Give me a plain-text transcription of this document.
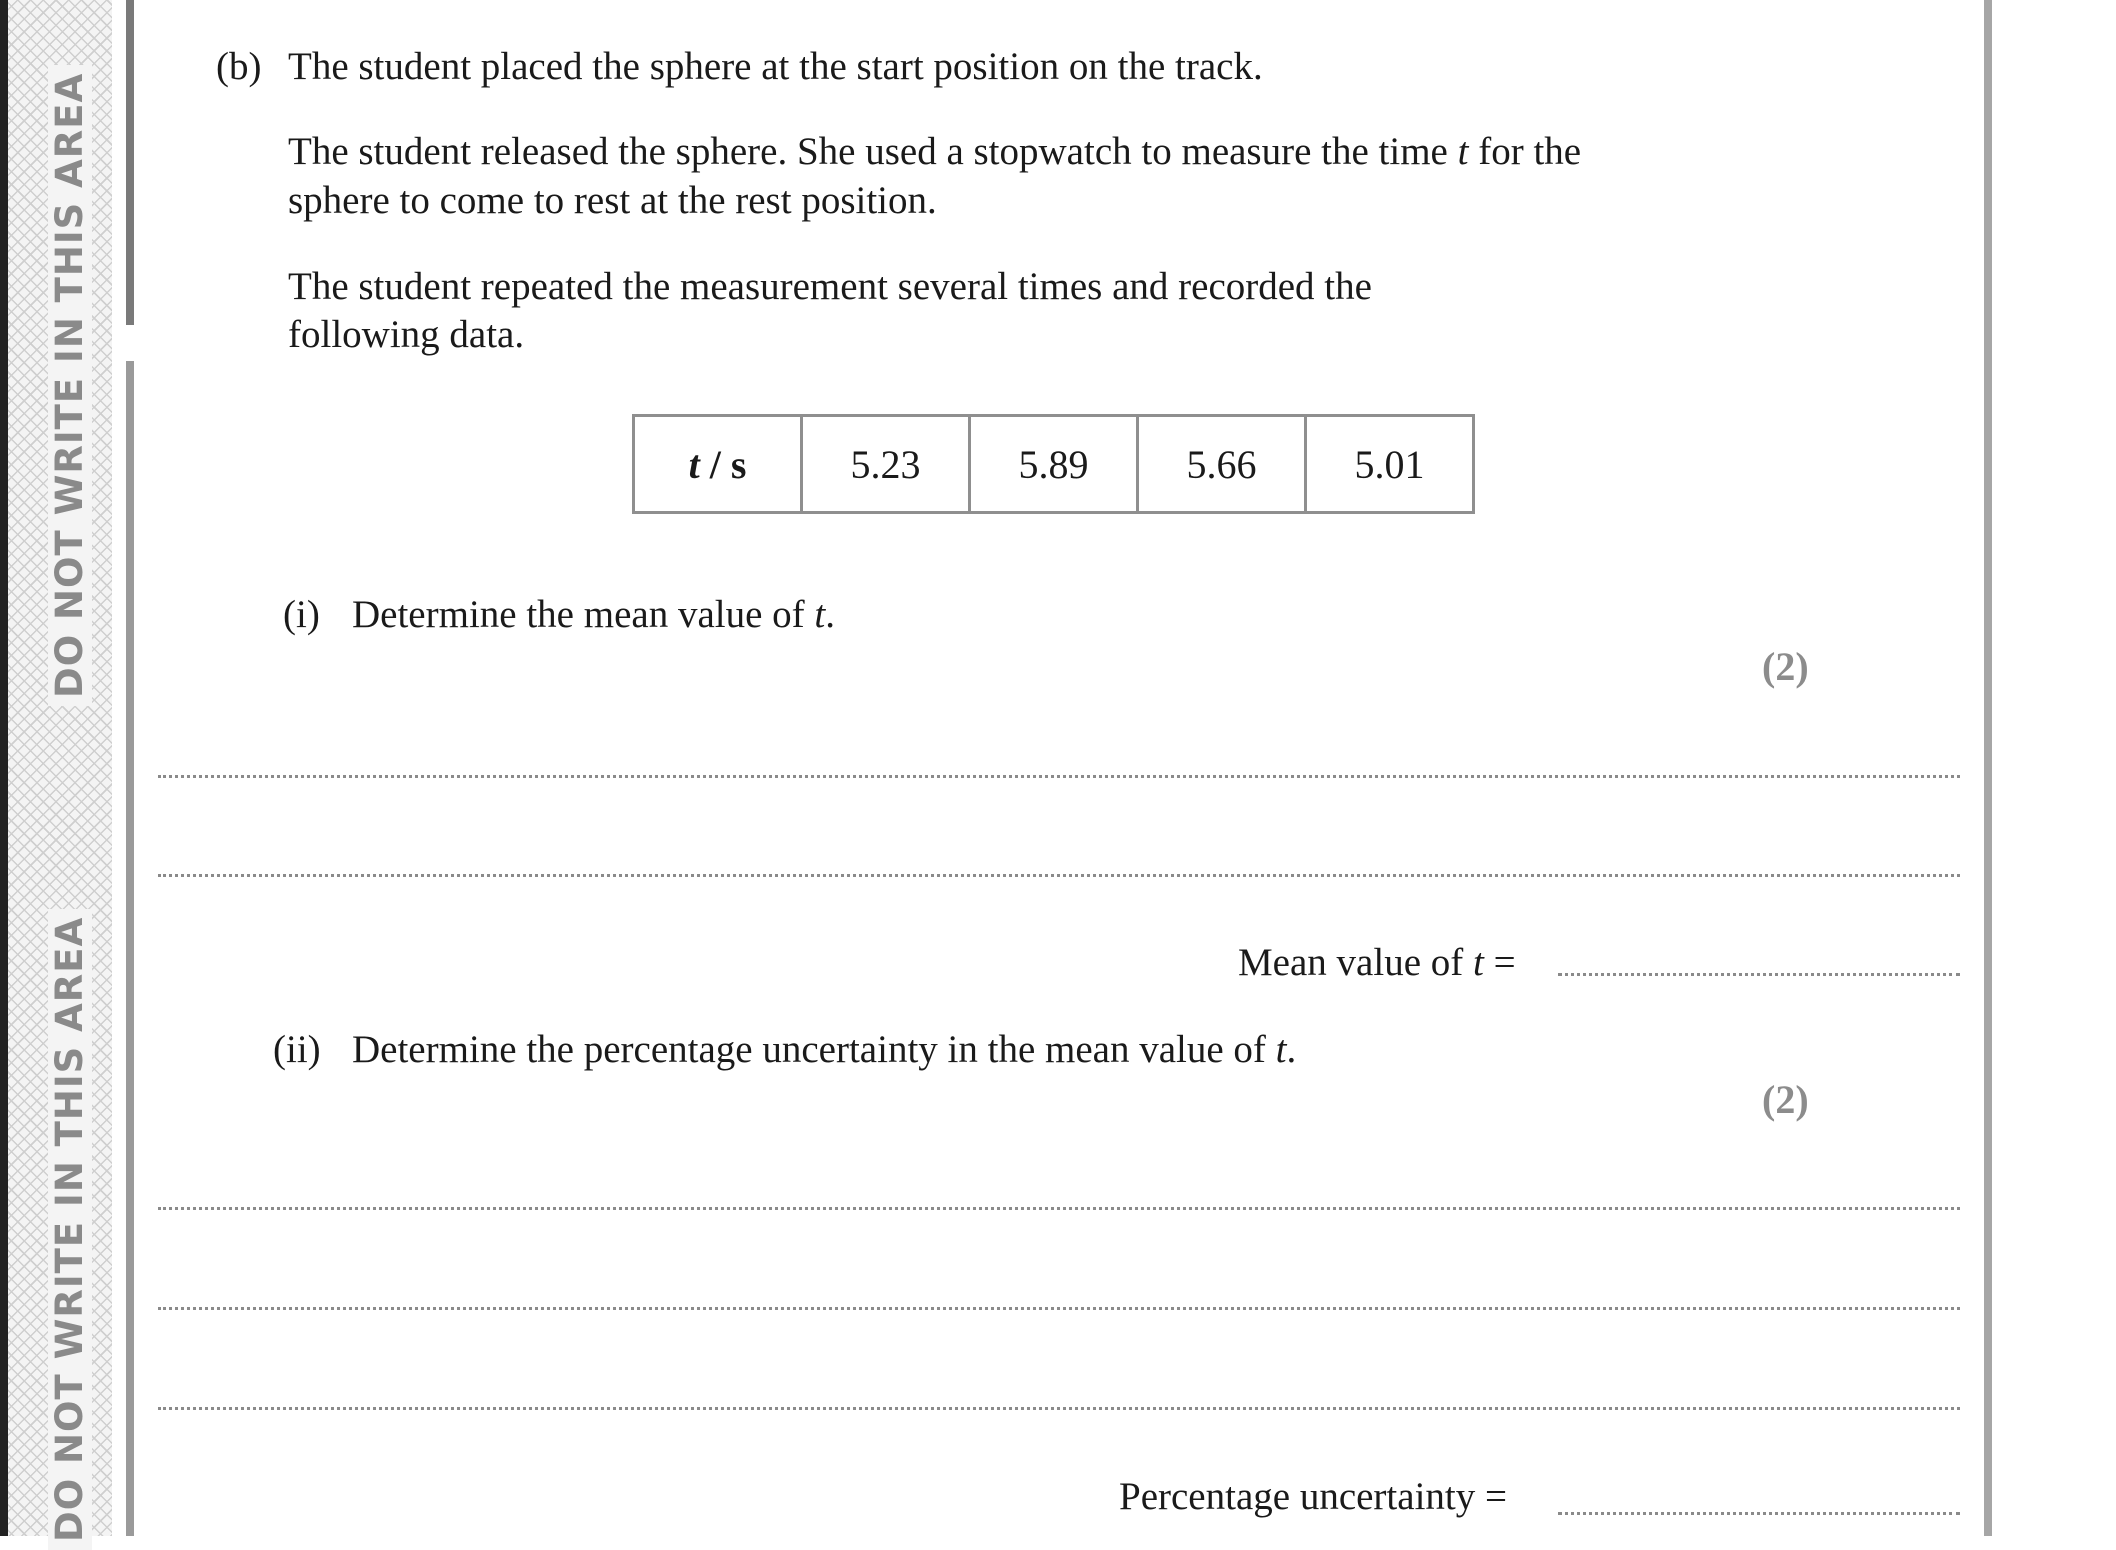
DO NOT WRITE IN THIS AREA
DO NOT WRITE IN THIS AREA
(b) The student placed the sphere at the start position on the track.
The student released the sphere. She used a stopwatch to measure the time t for the
sphere to come to rest at the rest position.
The student repeated the measurement several times and recorded the
following data.
t / s	5.23	5.89	5.66	5.01
(i) Determine the mean value of t.
(2)
Mean value of t =
(ii) Determine the percentage uncertainty in the mean value of t.
(2)
Percentage uncertainty =
